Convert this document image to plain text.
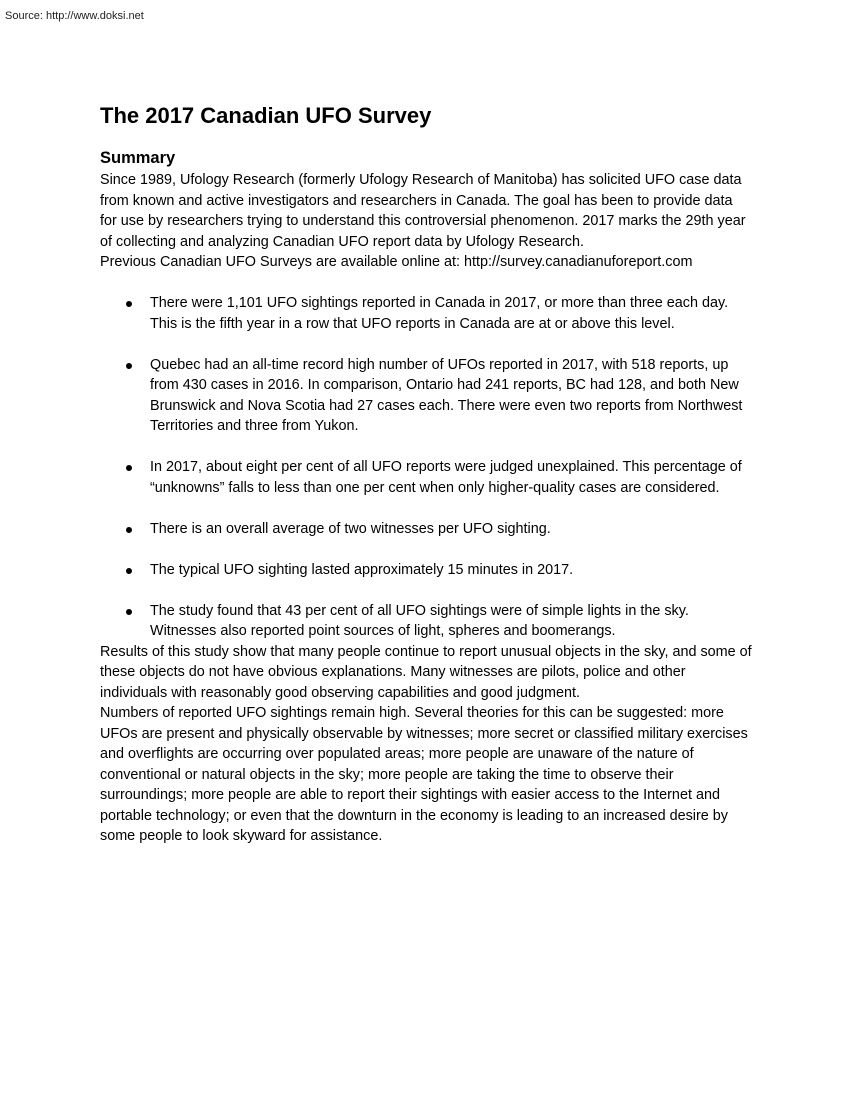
Source: http://www.doksi.net
The 2017 Canadian UFO Survey
Summary

Since 1989, Ufology Research (formerly Ufology Research of Manitoba) has solicited UFO case data from known and active investigators and researchers in Canada. The goal has been to provide data for use by researchers trying to understand this controversial phenomenon. 2017 marks the 29th year of collecting and analyzing Canadian UFO report data by Ufology Research.

Previous Canadian UFO Surveys are available online at: http://survey.canadianuforeport.com

There were 1,101 UFO sightings reported in Canada in 2017, or more than three each day. This is the fifth year in a row that UFO reports in Canada are at or above this level.
Quebec had an all-time record high number of UFOs reported in 2017, with 518 reports, up from 430 cases in 2016. In comparison, Ontario had 241 reports, BC had 128, and both New Brunswick and Nova Scotia had 27 cases each. There were even two reports from Northwest Territories and three from Yukon.
In 2017, about eight per cent of all UFO reports were judged unexplained. This percentage of “unknowns” falls to less than one per cent when only higher-quality cases are considered.
There is an overall average of two witnesses per UFO sighting.
The typical UFO sighting lasted approximately 15 minutes in 2017.
The study found that 43 per cent of all UFO sightings were of simple lights in the sky. Witnesses also reported point sources of light, spheres and boomerangs.

Results of this study show that many people continue to report unusual objects in the sky, and some of these objects do not have obvious explanations. Many witnesses are pilots, police and other individuals with reasonably good observing capabilities and good judgment.

Numbers of reported UFO sightings remain high. Several theories for this can be suggested: more UFOs are present and physically observable by witnesses; more secret or classified military exercises and overflights are occurring over populated areas; more people are unaware of the nature of conventional or natural objects in the sky; more people are taking the time to observe their surroundings; more people are able to report their sightings with easier access to the Internet and portable technology; or even that the downturn in the economy is leading to an increased desire by some people to look skyward for assistance.
